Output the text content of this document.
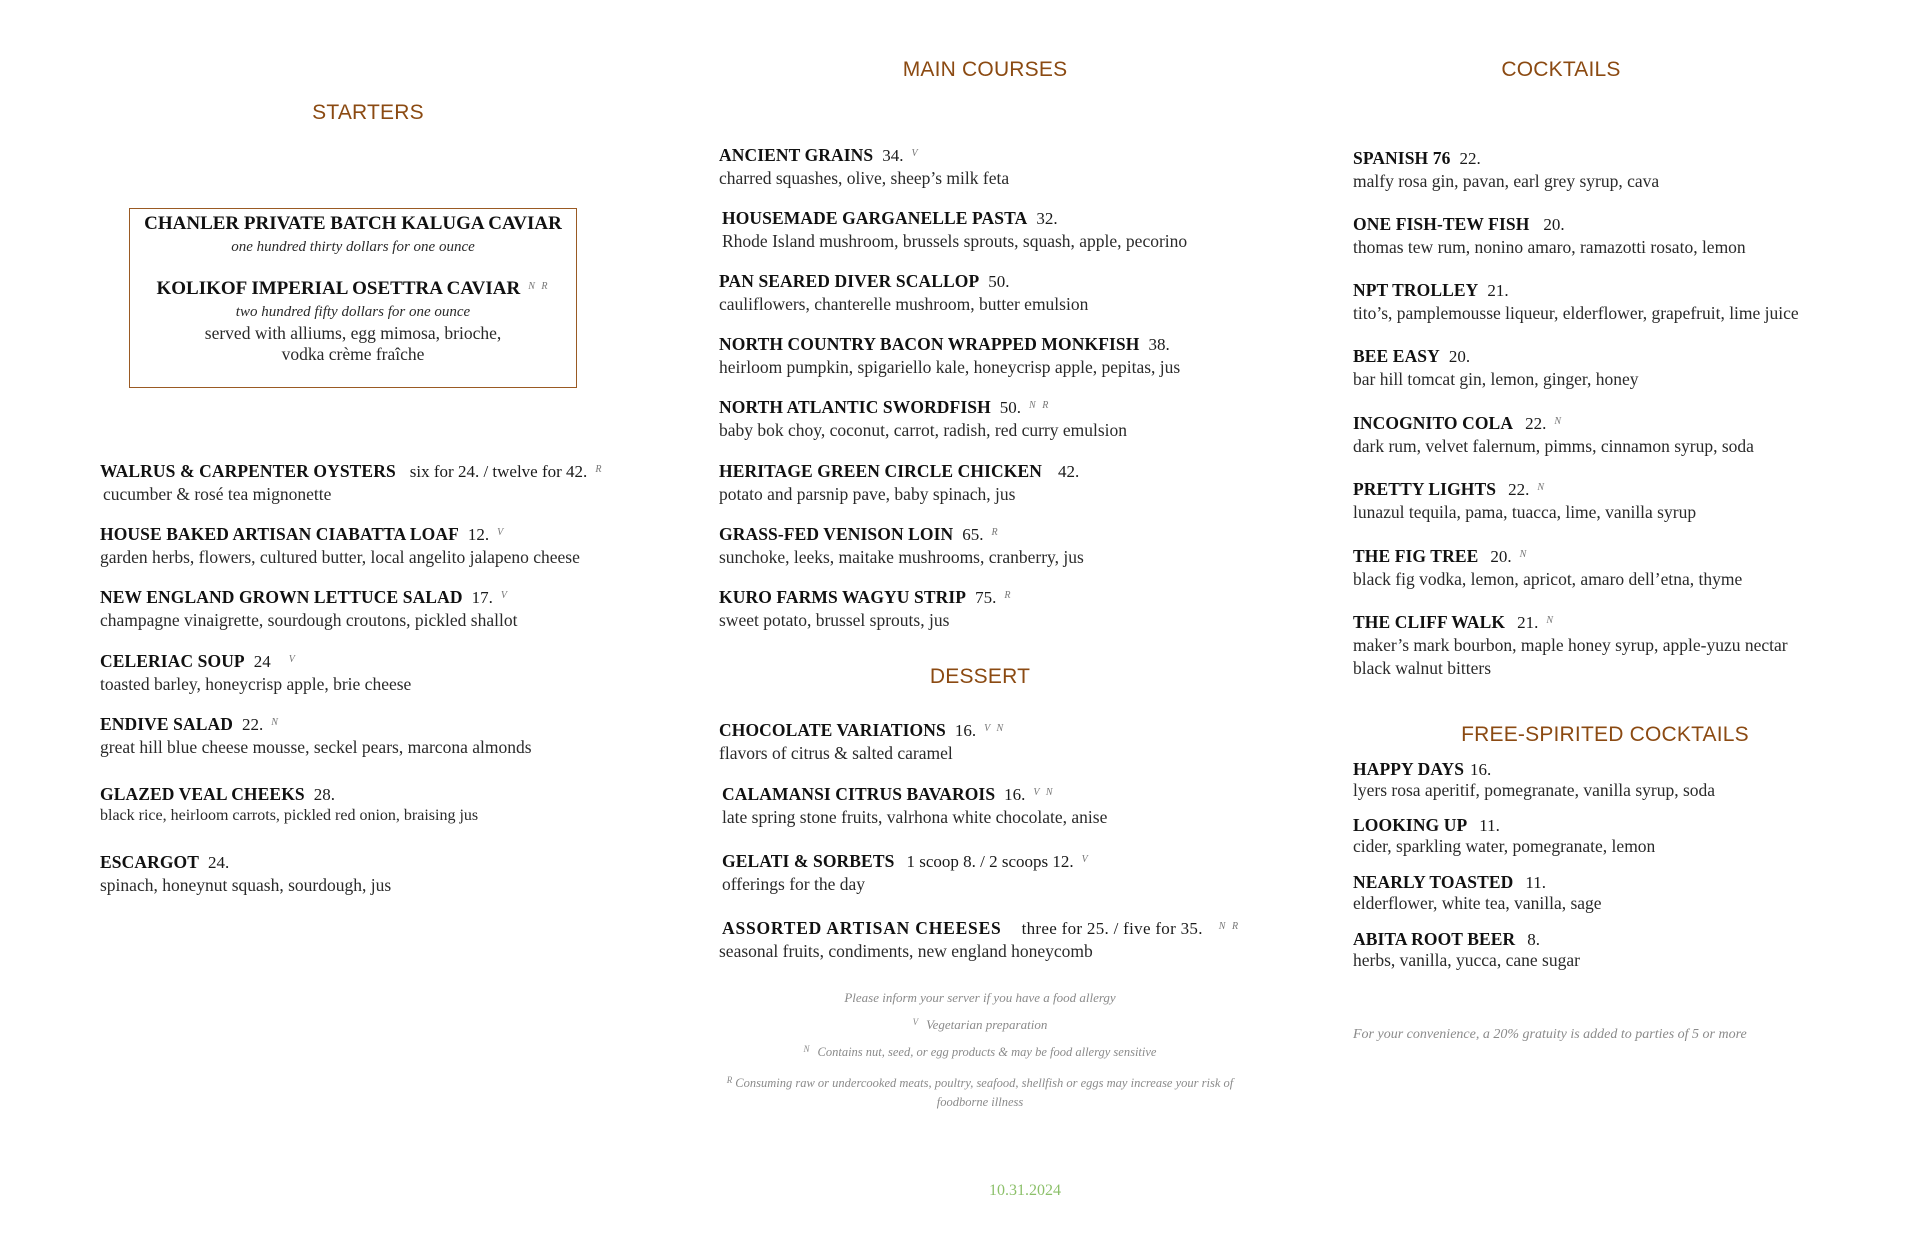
STARTERS
CHANLER PRIVATE BATCH KALUGA CAVIAR
one hundred thirty dollars for one ounce
KOLIKOF IMPERIAL OSETTRA CAVIAR $^{N R}$
two hundred fifty dollars for one ounce
served with alliums, egg mimosa, brioche,
vodka crème fraîche
WALRUS & CARPENTER OYSTERS six for 24. / twelve for 42. $^R$
cucumber & rosé tea mignonette
HOUSE BAKED ARTISAN CIABATTA LOAF 12. $^V$
garden herbs, flowers, cultured butter, local angelito jalapeno cheese
NEW ENGLAND GROWN LETTUCE SALAD 17. $^V$
champagne vinaigrette, sourdough croutons, pickled shallot
CELERIAC SOUP 24 $^V$
toasted barley, honeycrisp apple, brie cheese
ENDIVE SALAD 22. $^N$
great hill blue cheese mousse, seckel pears, marcona almonds
GLAZED VEAL CHEEKS 28.
black rice, heirloom carrots, pickled red onion, braising jus
ESCARGOT 24.
spinach, honeynut squash, sourdough, jus
MAIN COURSES
ANCIENT GRAINS 34. $^V$
charred squashes, olive, sheep’s milk feta
HOUSEMADE GARGANELLE PASTA 32.
Rhode Island mushroom, brussels sprouts, squash, apple, pecorino
PAN SEARED DIVER SCALLOP 50.
cauliflowers, chanterelle mushroom, butter emulsion
NORTH COUNTRY BACON WRAPPED MONKFISH 38.
heirloom pumpkin, spigariello kale, honeycrisp apple, pepitas, jus
NORTH ATLANTIC SWORDFISH 50. $^{N R}$
baby bok choy, coconut, carrot, radish, red curry emulsion
HERITAGE GREEN CIRCLE CHICKEN 42.
potato and parsnip pave, baby spinach, jus
GRASS-FED VENISON LOIN 65. $^R$
sunchoke, leeks, maitake mushrooms, cranberry, jus
KURO FARMS WAGYU STRIP 75. $^R$
sweet potato, brussel sprouts, jus
DESSERT
CHOCOLATE VARIATIONS 16. $^{V N}$
flavors of citrus & salted caramel
CALAMANSI CITRUS BAVAROIS 16. $^{V N}$
late spring stone fruits, valrhona white chocolate, anise
GELATI & SORBETS 1 scoop 8. / 2 scoops 12. $^V$
offerings for the day
ASSORTED ARTISAN CHEESES three for 25. / five for 35. $^{N R}$
seasonal fruits, condiments, new england honeycomb
Please inform your server if you have a food allergy
$^V$ Vegetarian preparation
$^N$ Contains nut, seed, or egg products & may be food allergy sensitive
$^R$ Consuming raw or undercooked meats, poultry, seafood, shellfish or eggs may increase your risk of
foodborne illness
COCKTAILS
SPANISH 76 22.
malfy rosa gin, pavan, earl grey syrup, cava
ONE FISH-TEW FISH 20.
thomas tew rum, nonino amaro, ramazotti rosato, lemon
NPT TROLLEY 21.
tito’s, pamplemousse liqueur, elderflower, grapefruit, lime juice
BEE EASY 20.
bar hill tomcat gin, lemon, ginger, honey
INCOGNITO COLA 22. $^N$
dark rum, velvet falernum, pimms, cinnamon syrup, soda
PRETTY LIGHTS 22. $^N$
lunazul tequila, pama, tuacca, lime, vanilla syrup
THE FIG TREE 20. $^N$
black fig vodka, lemon, apricot, amaro dell’etna, thyme
THE CLIFF WALK 21. $^N$
maker’s mark bourbon, maple honey syrup, apple-yuzu nectar
black walnut bitters
FREE-SPIRITED COCKTAILS
HAPPY DAYS 16.
lyers rosa aperitif, pomegranate, vanilla syrup, soda
LOOKING UP 11.
cider, sparkling water, pomegranate, lemon
NEARLY TOASTED 11.
elderflower, white tea, vanilla, sage
ABITA ROOT BEER 8.
herbs, vanilla, yucca, cane sugar
For your convenience, a 20% gratuity is added to parties of 5 or more
10.31.2024
